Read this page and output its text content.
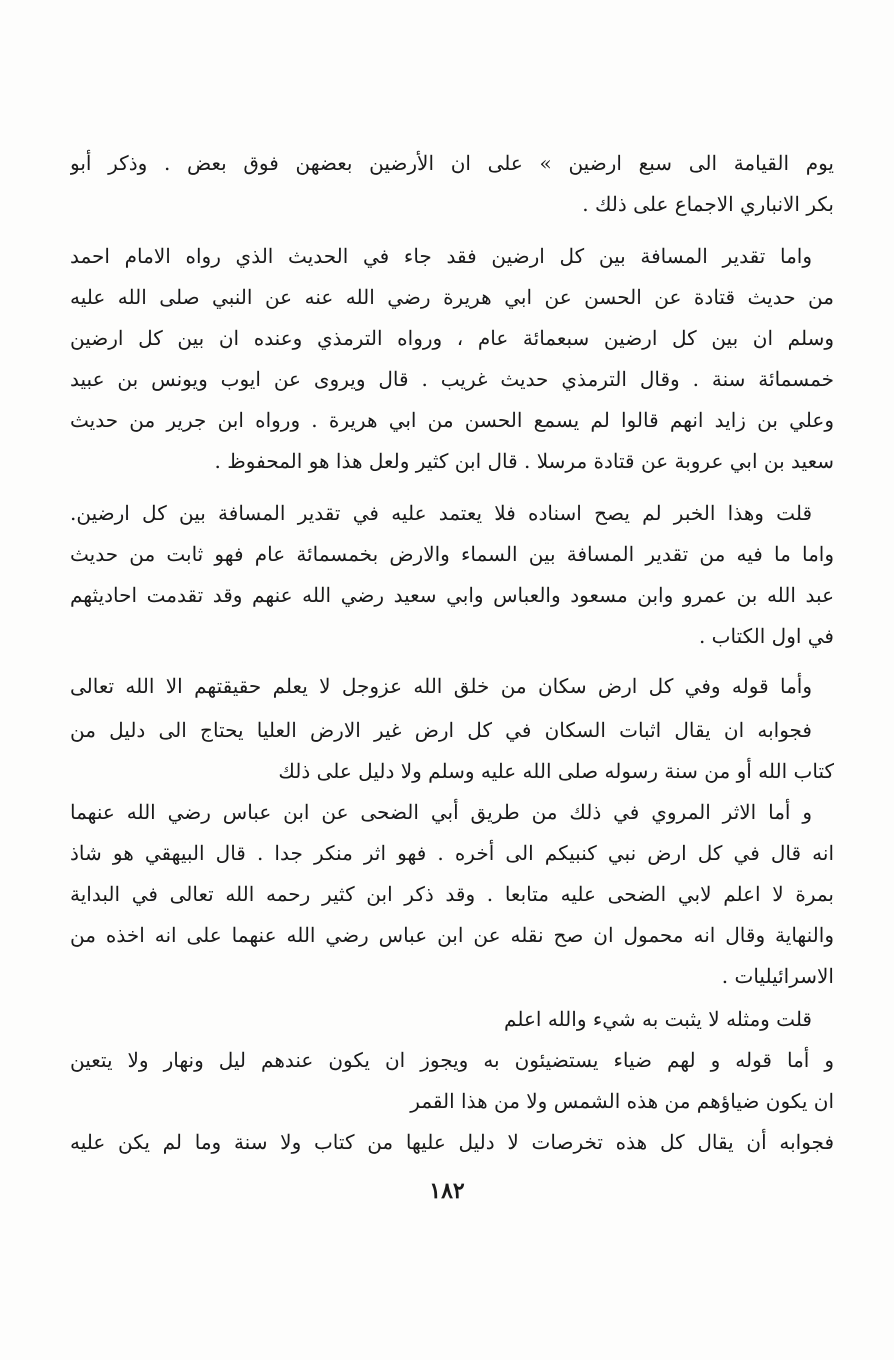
يوم القيامة الى سبع ارضين » على ان الأرضين بعضهن فوق بعض . وذكر أبو
بكر الانباري الاجماع على ذلك .
واما تقدير المسافة بين كل ارضين فقد جاء في الحديث الذي رواه الامام احمد
من حديث قتادة عن الحسن عن ابي هريرة رضي الله عنه عن النبي صلى الله عليه
وسلم ان بين كل ارضين سبعمائة عام ، ورواه الترمذي وعنده ان بين كل ارضين
خمسمائة سنة . وقال الترمذي حديث غريب . قال ويروى عن ايوب ويونس بن عبيد
وعلي بن زايد انهم قالوا لم يسمع الحسن من ابي هريرة . ورواه ابن جرير من حديث
سعيد بن ابي عروبة عن قتادة مرسلا . قال ابن كثير ولعل هذا هو المحفوظ .
قلت وهذا الخبر لم يصح اسناده فلا يعتمد عليه في تقدير المسافة بين كل ارضين.
واما ما فيه من تقدير المسافة بين السماء والارض بخمسمائة عام فهو ثابت من حديث
عبد الله بن عمرو وابن مسعود والعباس وابي سعيد رضي الله عنهم وقد تقدمت احاديثهم
في اول الكتاب .
وأما قوله وفي كل ارض سكان من خلق الله عزوجل لا يعلم حقيقتهم الا الله تعالى
فجوابه ان يقال اثبات السكان في كل ارض غير الارض العليا يحتاج الى دليل من
كتاب الله أو من سنة رسوله صلى الله عليه وسلم ولا دليل على ذلك
و أما الاثر المروي في ذلك من طريق أبي الضحى عن ابن عباس رضي الله عنهما
انه قال في كل ارض نبي كنبيكم الى أخره . فهو اثر منكر جدا . قال البيهقي هو شاذ
بمرة لا اعلم لابي الضحى عليه متابعا . وقد ذكر ابن كثير رحمه الله تعالى في البداية
والنهاية وقال انه محمول ان صح نقله عن ابن عباس رضي الله عنهما على انه اخذه من
الاسرائيليات .
قلت ومثله لا يثبت به شيء والله اعلم
و أما قوله و لهم ضياء يستضيئون به ويجوز ان يكون عندهم ليل ونهار ولا يتعين
ان يكون ضياؤهم من هذه الشمس ولا من هذا القمر
فجوابه أن يقال كل هذه تخرصات لا دليل عليها من كتاب ولا سنة وما لم يكن عليه
١٨٢
